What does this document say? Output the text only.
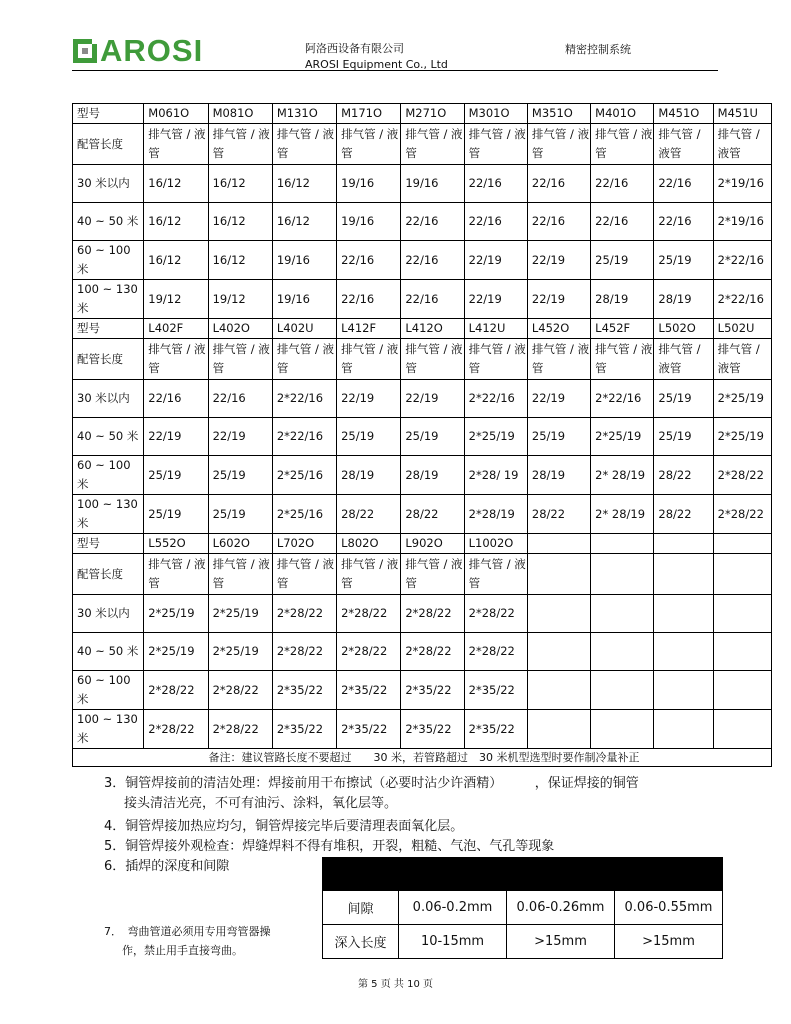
AROSI	阿洛西设备有限公司
AROSI Equipment Co., Ltd
精密控制系统
型号	M061O	M081O	M131O	M171O	M271O	M301O	M351O	M401O	M451O	M451U
配管长度	排气管 / 液管	排气管 / 液管	排气管 / 液管	排气管 / 液管	排气管 / 液管	排气管 / 液管	排气管 / 液管	排气管 / 液管	排气管 / 液管	排气管 / 液管
30 米以内	16/12	16/12	16/12	19/16	19/16	22/16	22/16	22/16	22/16	2*19/16
40 ~ 50 米	16/12	16/12	16/12	19/16	22/16	22/16	22/16	22/16	22/16	2*19/16
60 ~ 100 米	16/12	16/12	19/16	22/16	22/16	22/19	22/19	25/19	25/19	2*22/16
100 ~ 130 米	19/12	19/12	19/16	22/16	22/16	22/19	22/19	28/19	28/19	2*22/16
型号	L402F	L402O	L402U	L412F	L412O	L412U	L452O	L452F	L502O	L502U
配管长度	排气管 / 液管	排气管 / 液管	排气管 / 液管	排气管 / 液管	排气管 / 液管	排气管 / 液管	排气管 / 液管	排气管 / 液管	排气管 / 液管	排气管 / 液管
30 米以内	22/16	22/16	2*22/16	22/19	22/19	2*22/16	22/19	2*22/16	25/19	2*25/19
40 ~ 50 米	22/19	22/19	2*22/16	25/19	25/19	2*25/19	25/19	2*25/19	25/19	2*25/19
60 ~ 100 米	25/19	25/19	2*25/16	28/19	28/19	2*28/ 19	28/19	2* 28/19	28/22	2*28/22
100 ~ 130 米	25/19	25/19	2*25/16	28/22	28/22	2*28/19	28/22	2* 28/19	28/22	2*28/22
型号	L552O	L602O	L702O	L802O	L902O	L1002O				
配管长度	排气管 / 液管	排气管 / 液管	排气管 / 液管	排气管 / 液管	排气管 / 液管	排气管 / 液管				
30 米以内	2*25/19	2*25/19	2*28/22	2*28/22	2*28/22	2*28/22				
40 ~ 50 米	2*25/19	2*25/19	2*28/22	2*28/22	2*28/22	2*28/22				
60 ~ 100 米	2*28/22	2*28/22	2*35/22	2*35/22	2*35/22	2*35/22				
100 ~ 130 米	2*28/22	2*28/22	2*35/22	2*35/22	2*35/22	2*35/22				
备注：建议管路长度不要超过　　30 米，若管路超过　30 米机型选型时要作制冷量补正										
3．铜管焊接前的清洁处理：焊接前用干布擦试（必要时沾少许酒精）　　　，保证焊接的铜管
接头清洁光亮，不可有油污、涂料，氧化层等。
4．铜管焊接加热应均匀，铜管焊接完毕后要清理表面氧化层。
5．铜管焊接外观检查：焊缝焊料不得有堆积，开裂，粗糙、气泡、气孔等现象
6．插焊的深度和间隙
7．　弯曲管道必须用专用弯管器操
作，禁止用手直接弯曲。

间隙	0.06-0.2mm	0.06-0.26mm	0.06-0.55mm
深入长度	10-15mm	>15mm	>15mm
第 5 页 共 10 页
